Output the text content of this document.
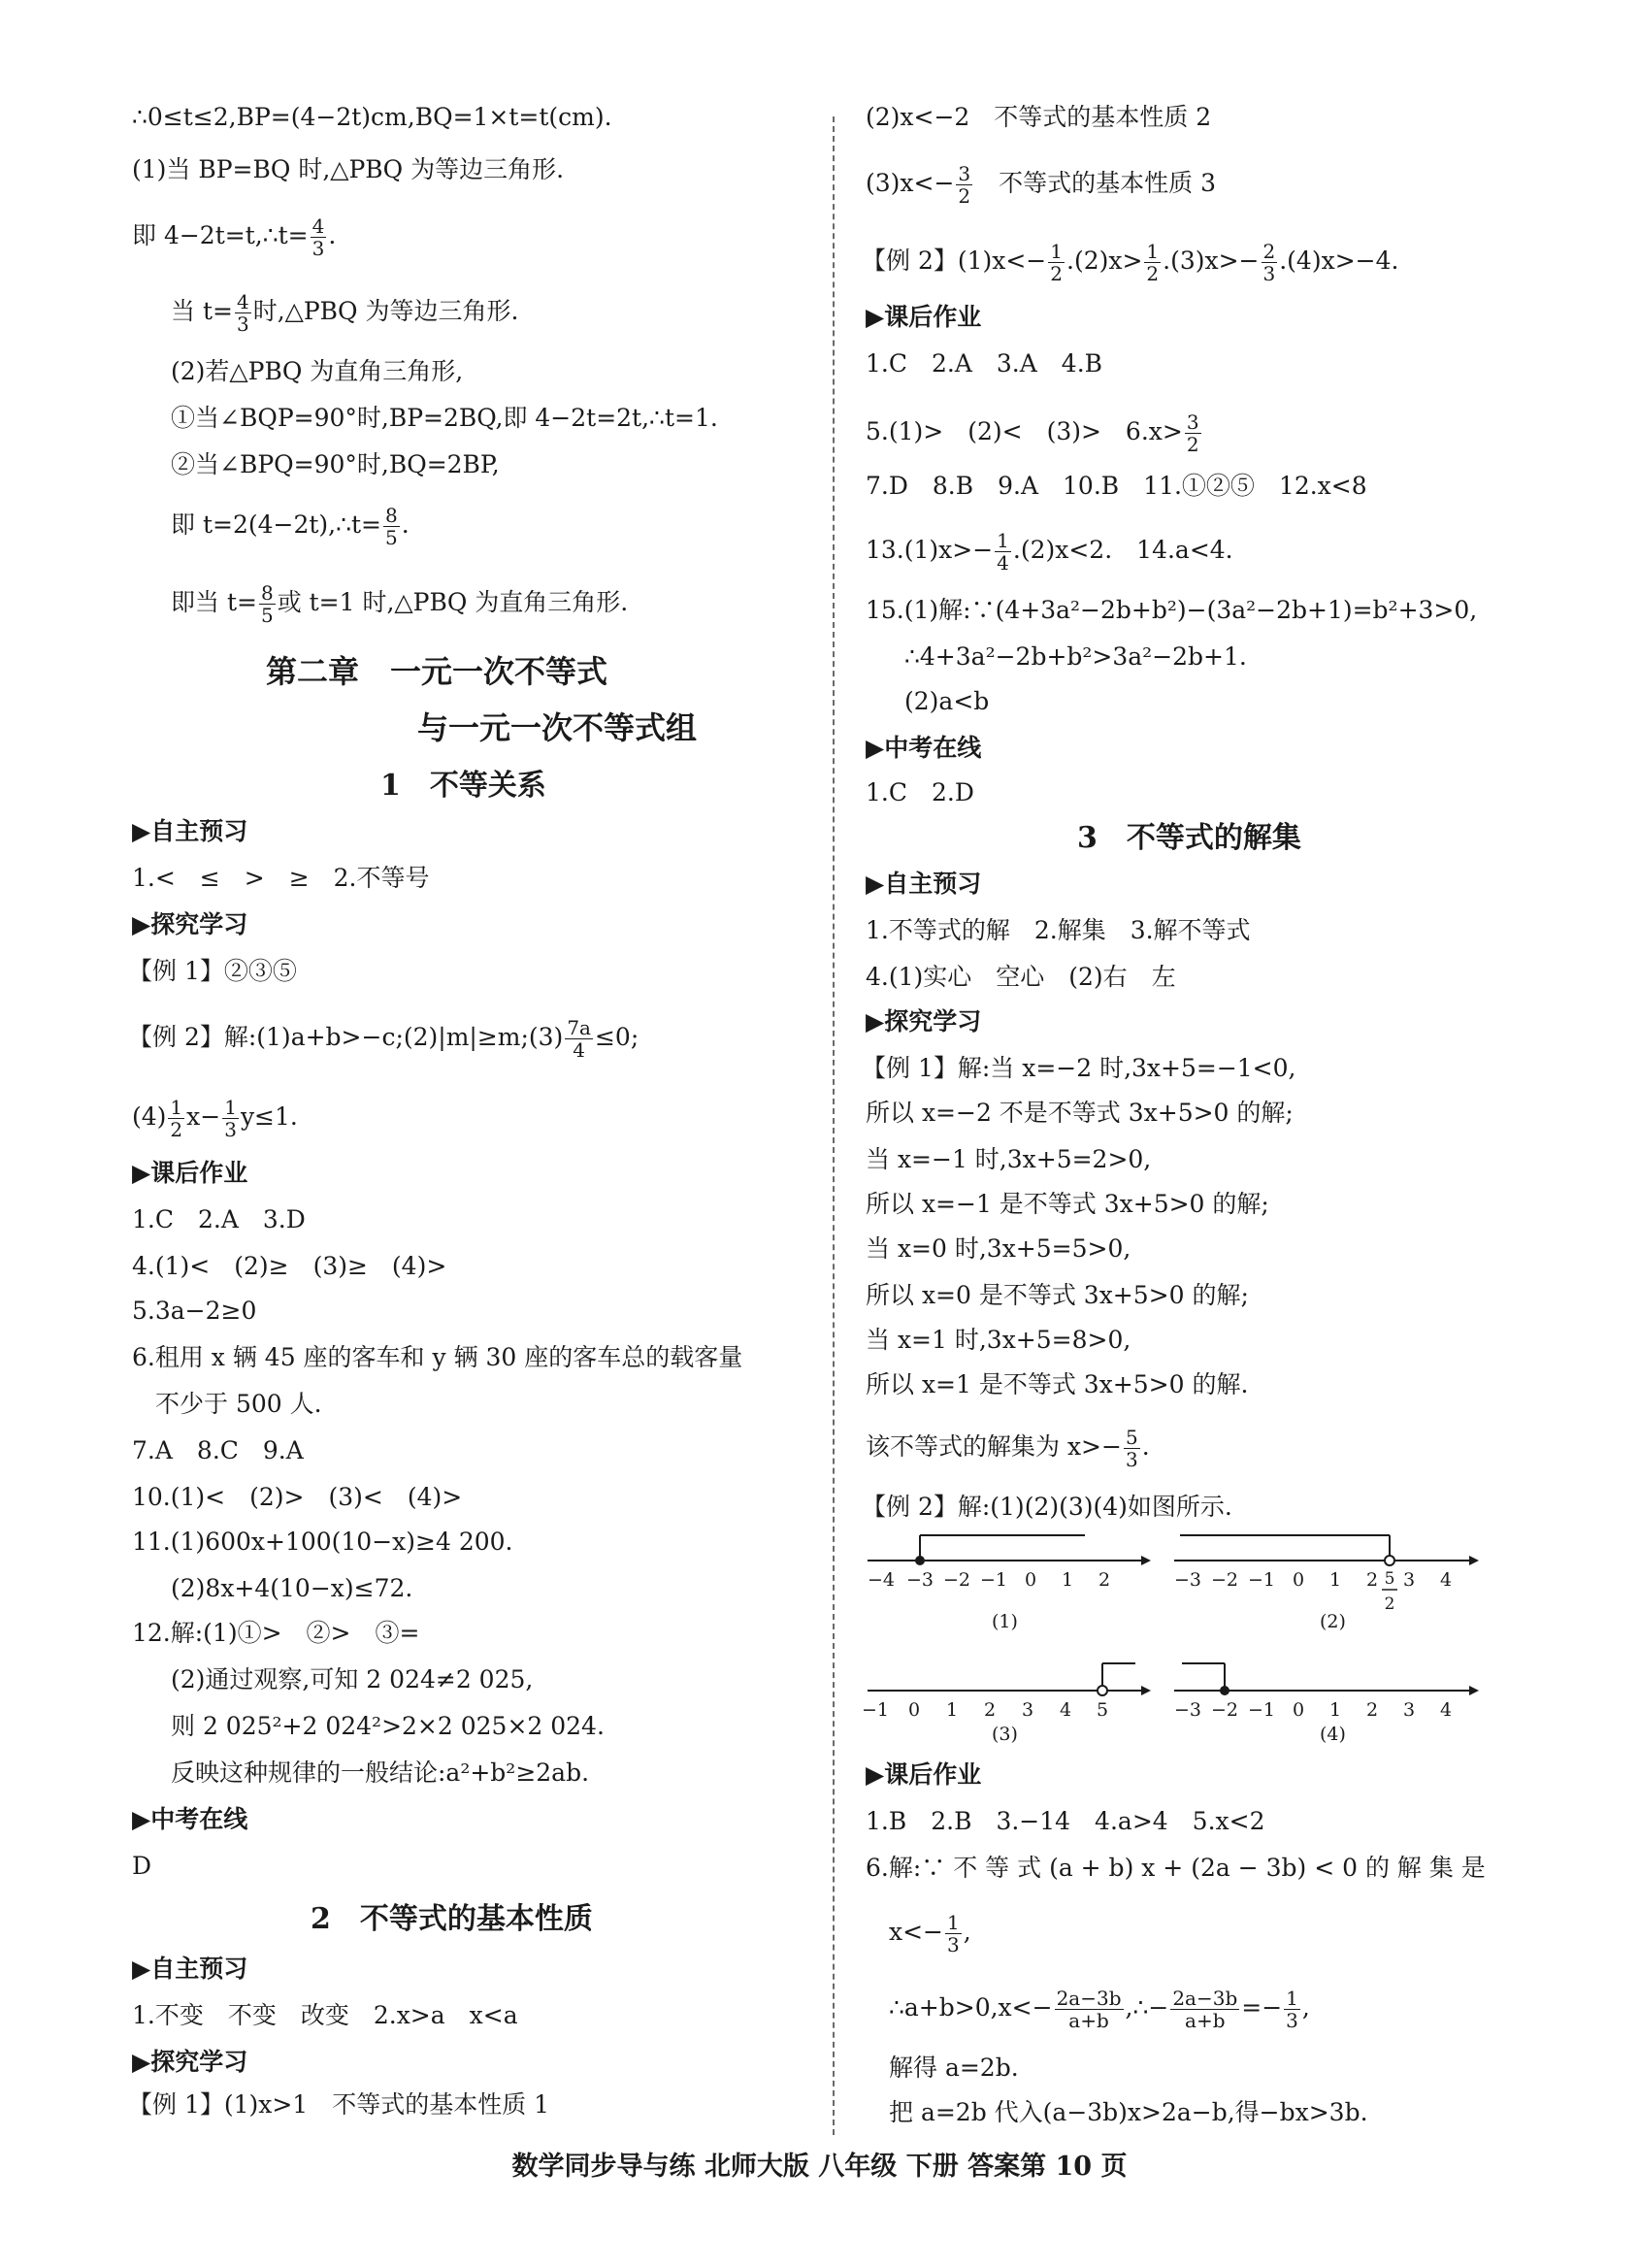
∴0≤t≤2,BP=(4−2t)cm,BQ=1×t=t(cm).
(1)当 BP=BQ 时,△PBQ 为等边三角形.
即 4−2t=t,∴t= $\frac{4}{3}$ .
当 $t= \frac{4}{3}$ 时,△PBQ 为等边三角形.
(2)若△PBQ 为直角三角形,
①当∠BQP=90°时,BP=2BQ,即 4−2t=2t,∴t=1.
②当∠BPQ=90°时,BQ=2BP,
即 t=2(4−2t),∴t= $\frac{8}{5}$ .
即当 $t= \frac{8}{5}$ 或 t=1 时,△PBQ 为直角三角形.
第二章　一元一次不等式
与一元一次不等式组
1　不等关系
▶自主预习
1.<　≤　>　≥　2.不等号
▶探究学习
【例 1】②③⑤
【例 2】解:(1)a+b>−c;(2)|m|≥m;(3) $\frac{7a}{4} \le 0$;
$(4) \frac{1}{2} x- \frac{1}{3} y\le 1$.
▶课后作业
1.C　2.A　3.D
4.(1)<　(2)≥　(3)≥　(4)>
5.3a−2≥0
6.租用 x 辆 45 座的客车和 y 辆 30 座的客车总的载客量
不少于 500 人.
7.A　8.C　9.A
10.(1)<　(2)>　(3)<　(4)>
11.(1)600x+100(10−x)≥4 200.
(2)8x+4(10−x)≤72.
12.解:(1)①>　②>　③=
(2)通过观察,可知 2 024≠2 025,
则 2 025²+2 024²>2×2 025×2 024.
反映这种规律的一般结论:a²+b²≥2ab.
▶中考在线
D
2　不等式的基本性质
▶自主预习
1.不变　不变　改变　2.x>a　x<a
▶探究学习
【例 1】(1)x>1　不等式的基本性质 1
(2)x<−2　不等式的基本性质 2
$(3)x<- \frac{3}{2}$ 　不等式的基本性质 3
【例 2】$(1)x<- \frac{1}{2} .(2)x> \frac{1}{2} .(3)x>- \frac{2}{3} .(4)x>-4$.
▶课后作业
1.C　2.A　3.A　4.B
5.(1)>　(2)<　(3)>　$6.x> \frac{3}{2}$
7.D　8.B　9.A　10.B　11.①②⑤　12.x<8
$13.(1)x>- \frac{1}{4} .(2)x<2$.　14.a<4.
15.(1)解:∵(4+3a²−2b+b²)−(3a²−2b+1)=b²+3>0,
∴4+3a²−2b+b²>3a²−2b+1.
(2)a<b
▶中考在线
1.C　2.D
3　不等式的解集
▶自主预习
1.不等式的解　2.解集　3.解不等式
4.(1)实心　空心　(2)右　左
▶探究学习
【例 1】解:当 x=−2 时,3x+5=−1<0,
所以 x=−2 不是不等式 3x+5>0 的解;
当 x=−1 时,3x+5=2>0,
所以 x=−1 是不等式 3x+5>0 的解;
当 x=0 时,3x+5=5>0,
所以 x=0 是不等式 3x+5>0 的解;
当 x=1 时,3x+5=8>0,
所以 x=1 是不等式 3x+5>0 的解.
该不等式的解集为 $x>- \frac{5}{3}$ .
【例 2】解:(1)(2)(3)(4)如图所示.
−4 −3 −2 −1 0 1 2
(1)
−3 −2 −1 0 1 2 3 4
5
2
(2)
−1 0 1 2 3 4 5
(3)
−3 −2 −1 0 1 2 3 4
(4)
▶课后作业
1.B　2.B　3.−14　4.a>4　5.x<2
6.解:∵ 不 等 式 (a + b) x + (2a − 3b) < 0 的 解 集 是
$x<- \frac{1}{3}$ ,
∴a+b>0,x<− $\frac{2a-3b}{a+b}$ ,∴− $\frac{2a-3b}{a+b} =- \frac{1}{3}$ ,
解得 a=2b.
把 a=2b 代入(a−3b)x>2a−b,得−bx>3b.
数学同步导与练 北师大版 八年级 下册 答案第 10 页
